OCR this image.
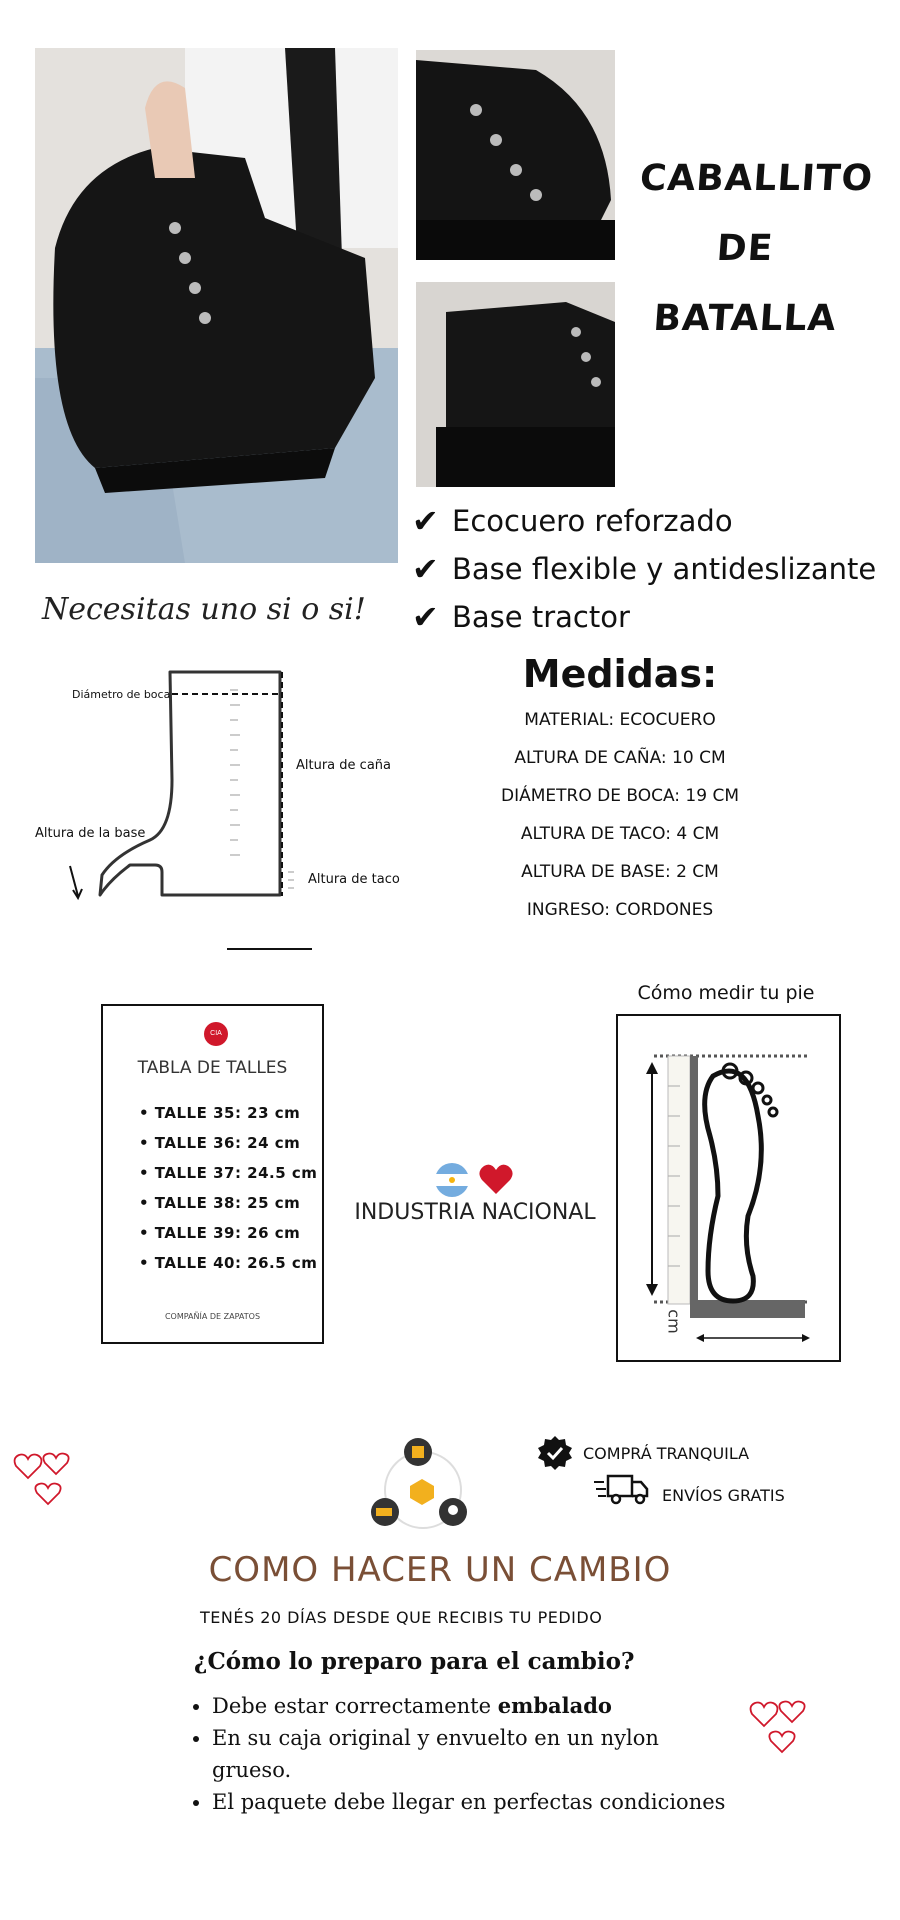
CABALLITO
DE
BATALLA
✔ Ecocuero reforzado
✔ Base flexible y antideslizante
✔ Base tractor
Necesitas uno si o si!
Diámetro de boca
Altura de caña
Altura de la base
Altura de taco
Medidas:
MATERIAL: ECOCUERO
ALTURA DE CAÑA: 10 CM
DIÁMETRO DE BOCA: 19 CM
ALTURA DE TACO: 4 CM
ALTURA DE BASE: 2 CM
INGRESO: CORDONES
CIA
TABLA DE TALLES
• TALLE 35: 23 cm
• TALLE 36: 24 cm
• TALLE 37: 24.5 cm
• TALLE 38: 25 cm
• TALLE 39: 26 cm
• TALLE 40: 26.5 cm
COMPAÑÍA DE ZAPATOS
INDUSTRIA NACIONAL
Cómo medir tu pie
cm
COMPRÁ TRANQUILA
ENVÍOS GRATIS
COMO HACER UN CAMBIO
TENÉS 20 DÍAS DESDE QUE RECIBIS TU PEDIDO
¿Cómo lo preparo para el cambio?
• Debe estar correctamente embalado
• En su caja original y envuelto en un nylon grueso.
• El paquete debe llegar en perfectas condiciones
